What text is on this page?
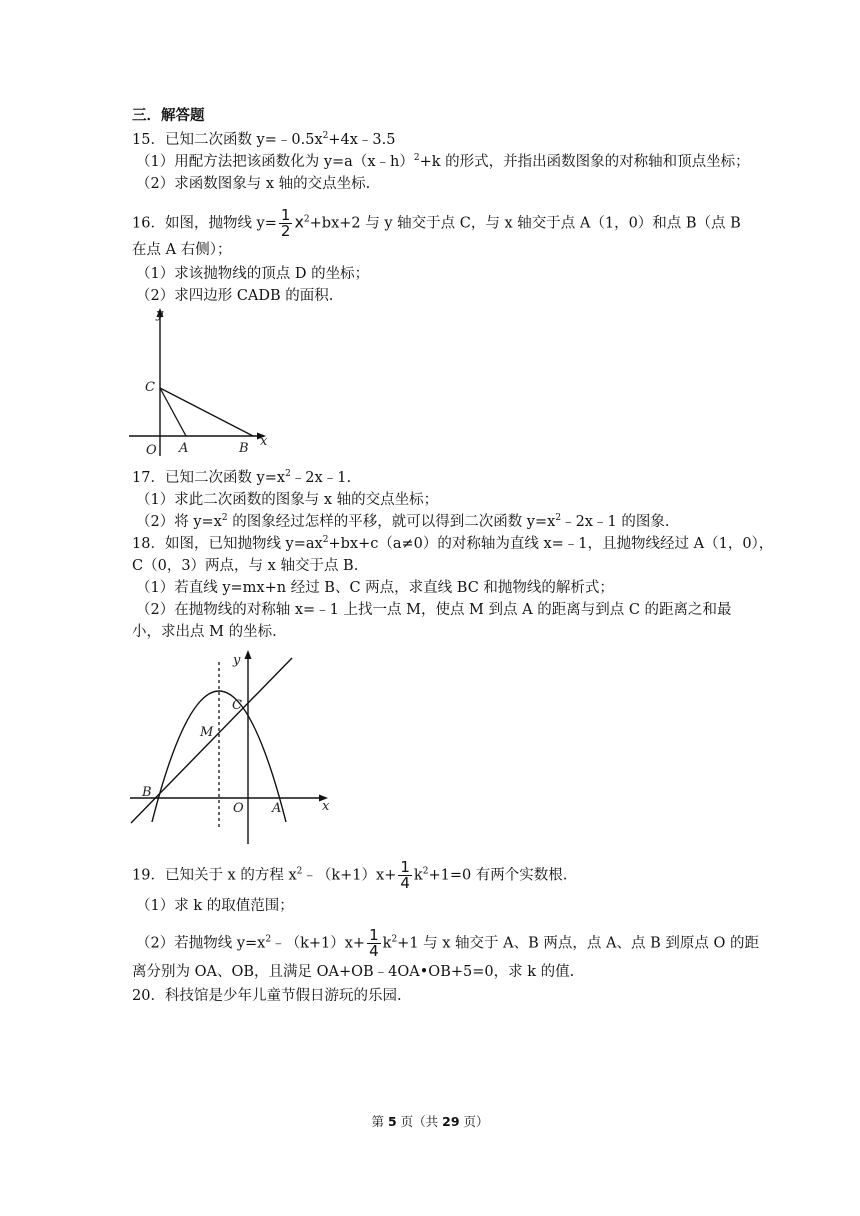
三．解答题
15．已知二次函数 $y=﹣0.5x^2+4x﹣3.5$
（1）用配方法把该函数化为 y=a（x﹣h）$^2$+k 的形式，并指出函数图象的对称轴和顶点坐标；
（2）求函数图象与 x 轴的交点坐标.
16．如图，抛物线 $y= \frac{1}{2} x^2+bx+2$ 与 y 轴交于点 C，与 x 轴交于点 A（1，0）和点 B（点 B
在点 A 右侧）；
（1）求该抛物线的顶点 D 的坐标；
（2）求四边形 CADB 的面积.
y
x
O A	B
C
17．已知二次函数 $y=x^2﹣2x﹣1$.
（1）求此二次函数的图象与 x 轴的交点坐标；
（2）将 $y=x^2$ 的图象经过怎样的平移，就可以得到二次函数 $y=x^2﹣2x﹣1$ 的图象.
18．如图，已知抛物线 $y=ax^2+bx+c(a\ne 0)$的对称轴为直线 x=﹣1，且抛物线经过 A（1，0），
C（0，3）两点，与 x 轴交于点 B.
（1）若直线 y=mx+n 经过 B、C 两点，求直线 BC 和抛物线的解析式；
（2）在抛物线的对称轴 x=﹣1 上找一点 M，使点 M 到点 A 的距离与到点 C 的距离之和最
小，求出点 M 的坐标.
y
x
O A
B
C
M
19．已知关于 x 的方程 $x^2﹣(k+1)x+ \frac{1}{4} k^2+1=0$ 有两个实数根.
（1）求 k 的取值范围；
（2）若抛物线 $y=x^2﹣(k+1)x+ \frac{1}{4} k^2+1$ 与 x 轴交于 A、B 两点，点 A、点 B 到原点 O 的距
离分别为 OA、OB，且满足 OA+OB﹣4OA•OB+5=0，求 k 的值.
20．科技馆是少年儿童节假日游玩的乐园.
第 5 页（共 29 页）
